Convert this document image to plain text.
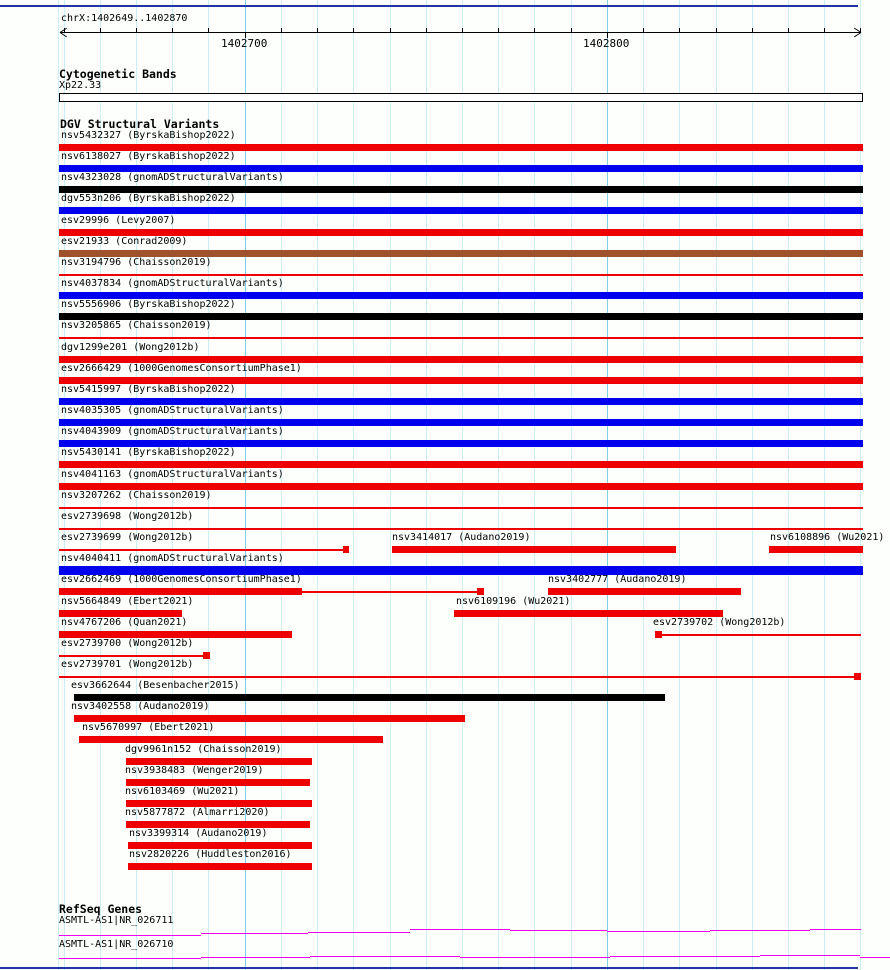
chrX:1402649..1402870
1402700	1402800
Cytogenetic Bands
Xp22.33
DGV Structural Variants
nsv5432327 (ByrskaBishop2022)
nsv6138027 (ByrskaBishop2022)
nsv4323028 (gnomADStructuralVariants)
dgv553n206 (ByrskaBishop2022)
esv29996 (Levy2007)
esv21933 (Conrad2009)
nsv3194796 (Chaisson2019)
nsv4037834 (gnomADStructuralVariants)
nsv5556906 (ByrskaBishop2022)
nsv3205865 (Chaisson2019)
dgv1299e201 (Wong2012b)
esv2666429 (1000GenomesConsortiumPhase1)
nsv5415997 (ByrskaBishop2022)
nsv4035305 (gnomADStructuralVariants)
nsv4043909 (gnomADStructuralVariants)
nsv5430141 (ByrskaBishop2022)
nsv4041163 (gnomADStructuralVariants)
nsv3207262 (Chaisson2019)
esv2739698 (Wong2012b)
esv2739699 (Wong2012b)	nsv3414017 (Audano2019)	nsv6108896 (Wu2021)
nsv4040411 (gnomADStructuralVariants)
esv2662469 (1000GenomesConsortiumPhase1)	nsv3402777 (Audano2019)
nsv5664849 (Ebert2021)	nsv6109196 (Wu2021)
nsv4767206 (Quan2021)	esv2739702 (Wong2012b)
esv2739700 (Wong2012b)
esv2739701 (Wong2012b)
esv3662644 (Besenbacher2015)
nsv3402558 (Audano2019)
nsv5670997 (Ebert2021)
dgv9961n152 (Chaisson2019)
nsv3938483 (Wenger2019)
nsv6103469 (Wu2021)
nsv5877872 (Almarri2020)
nsv3399314 (Audano2019)
nsv2820226 (Huddleston2016)
RefSeq Genes
ASMTL-AS1|NR_026711
ASMTL-AS1|NR_026710
